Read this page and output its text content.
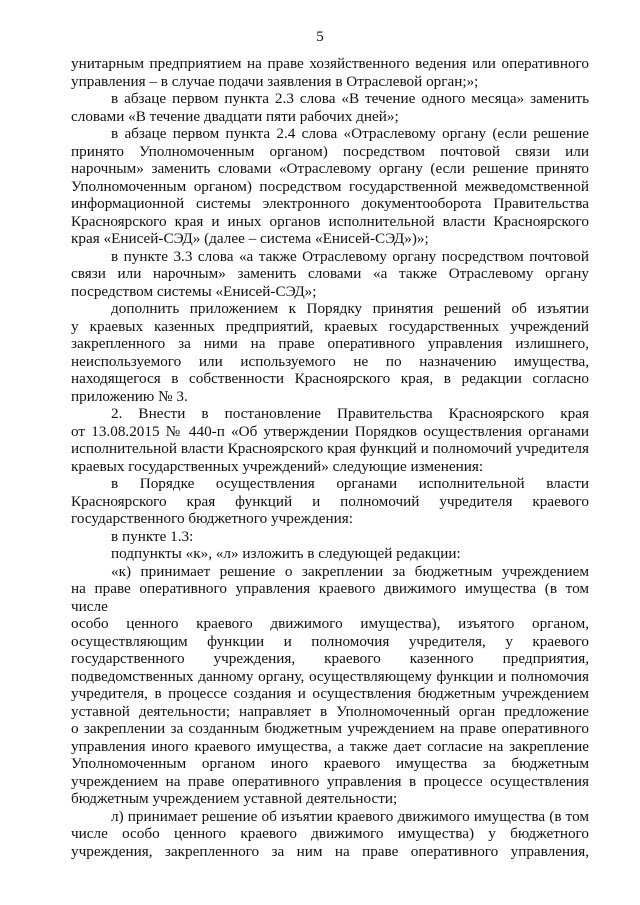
5

унитарным предприятием на праве хозяйственного ведения или оперативного

управления – в случае подачи заявления в Отраслевой орган;»;

в абзаце первом пункта 2.3 слова «В течение одного месяца» заменить

словами «В течение двадцати пяти рабочих дней»;

в абзаце первом пункта 2.4 слова «Отраслевому органу (если решение

принято Уполномоченным органом) посредством почтовой связи или

нарочным» заменить словами «Отраслевому органу (если решение принято

Уполномоченным органом) посредством государственной межведомственной

информационной системы электронного документооборота Правительства

Красноярского края и иных органов исполнительной власти Красноярского

края «Енисей-СЭД» (далее – система «Енисей-СЭД»)»;

в пункте 3.3 слова «а также Отраслевому органу посредством почтовой

связи или нарочным» заменить словами «а также Отраслевому органу

посредством системы «Енисей-СЭД»;

дополнить приложением к Порядку принятия решений об изъятии

у краевых казенных предприятий, краевых государственных учреждений

закрепленного за ними на праве оперативного управления излишнего,

неиспользуемого или используемого не по назначению имущества,

находящегося в собственности Красноярского края, в редакции согласно

приложению № 3.

2. Внести в постановление Правительства Красноярского края

от 13.08.2015 № 440-п «Об утверждении Порядков осуществления органами

исполнительной власти Красноярского края функций и полномочий учредителя

краевых государственных учреждений» следующие изменения:

в Порядке осуществления органами исполнительной власти

Красноярского края функций и полномочий учредителя краевого

государственного бюджетного учреждения:

в пункте 1.3:

подпункты «к», «л» изложить в следующей редакции:

«к) принимает решение о закреплении за бюджетным учреждением

на праве оперативного управления краевого движимого имущества (в том числе

особо ценного краевого движимого имущества), изъятого органом,

осуществляющим функции и полномочия учредителя, у краевого

государственного учреждения, краевого казенного предприятия,

подведомственных данному органу, осуществляющему функции и полномочия

учредителя, в процессе создания и осуществления бюджетным учреждением

уставной деятельности; направляет в Уполномоченный орган предложение

о закреплении за созданным бюджетным учреждением на праве оперативного

управления иного краевого имущества, а также дает согласие на закрепление

Уполномоченным органом иного краевого имущества за бюджетным

учреждением на праве оперативного управления в процессе осуществления

бюджетным учреждением уставной деятельности;

л) принимает решение об изъятии краевого движимого имущества (в том

числе особо ценного краевого движимого имущества) у бюджетного

учреждения, закрепленного за ним на праве оперативного управления,
